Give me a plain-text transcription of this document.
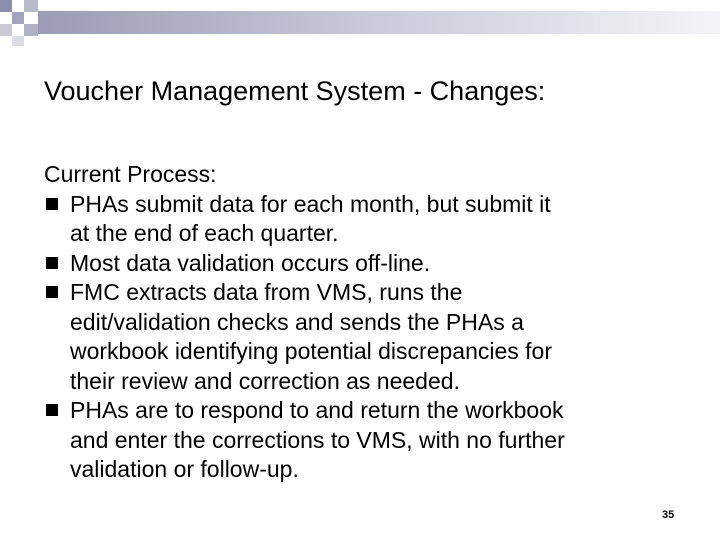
Voucher Management System - Changes:
Current Process:
PHAs submit data for each month, but submit it
at the end of each quarter.
Most data validation occurs off-line.
FMC extracts data from VMS, runs the
edit/validation checks and sends the PHAs a
workbook identifying potential discrepancies for
their review and correction as needed.
PHAs are to respond to and return the workbook
and enter the corrections to VMS, with no further
validation or follow-up.
35
